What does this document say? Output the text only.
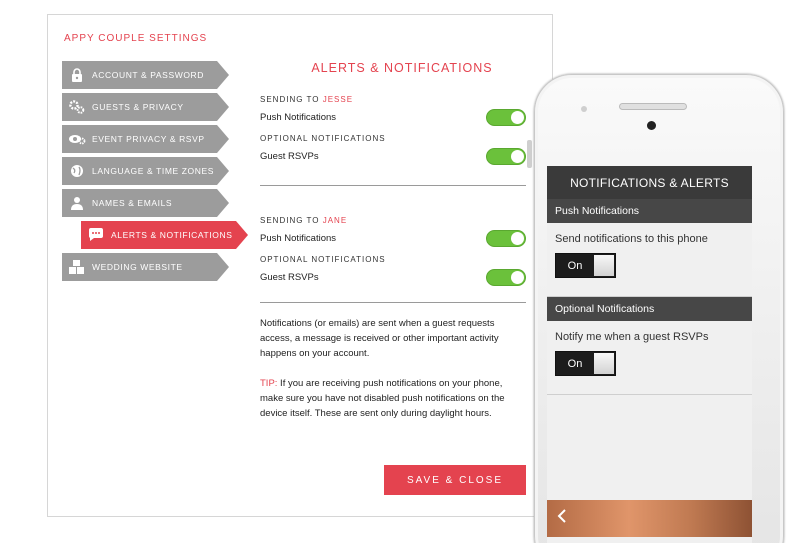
APPY COUPLE SETTINGS
ACCOUNT & PASSWORD
GUESTS & PRIVACY
EVENT PRIVACY & RSVP
LANGUAGE & TIME ZONES
NAMES & EMAILS
ALERTS & NOTIFICATIONS
WEDDING WEBSITE
ALERTS & NOTIFICATIONS
SENDING TO JESSE
Push Notifications
OPTIONAL NOTIFICATIONS
Guest RSVPs
SENDING TO JANE
Push Notifications
OPTIONAL NOTIFICATIONS
Guest RSVPs

Notifications (or emails) are sent when a guest requests access, a message is received or other important activity happens on your account.

TIP: If you are receiving push notifications on your phone, make sure you have not disabled push notifications on the device itself. These are sent only during daylight hours.

SAVE & CLOSE
NOTIFICATIONS & ALERTS
Push Notifications
Send notifications to this phone
On
Optional Notifications
Notify me when a guest RSVPs
On
